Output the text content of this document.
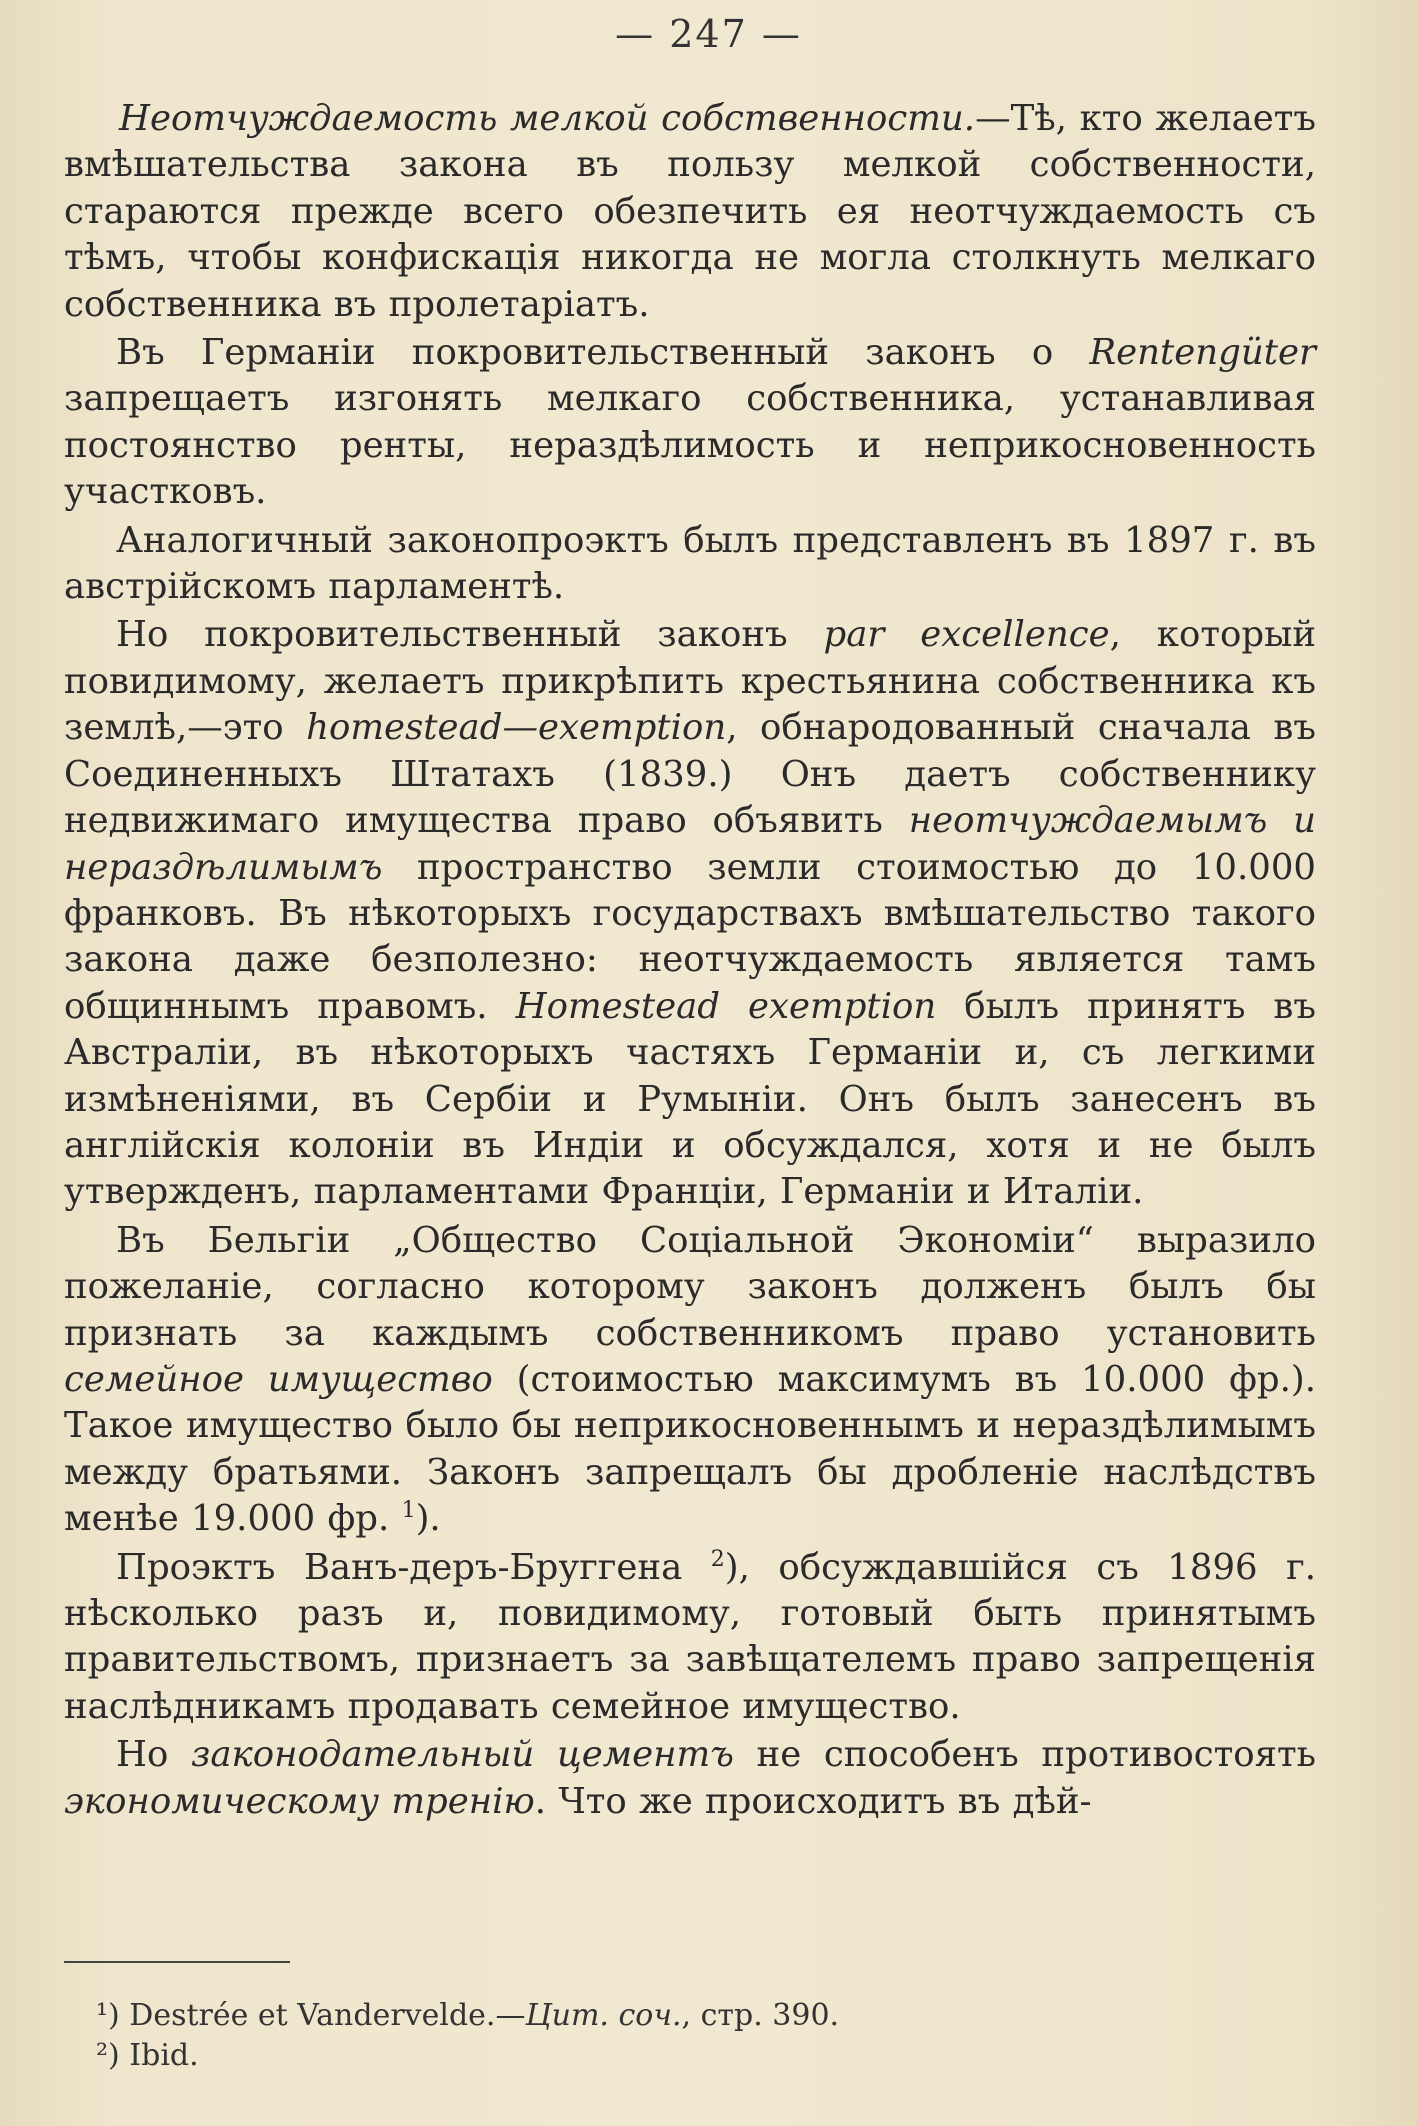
— 247 —

Неотчуждаемость мелкой собственности.—Тѣ, кто желаетъ вмѣшательства закона въ пользу мелкой собственности, стараются прежде всего обезпечить ея неотчуждаемость съ тѣмъ, чтобы конфискація никогда не могла столкнуть мелкаго собственника въ пролетаріатъ.

Въ Германіи покровительственный законъ о Rentengüter запрещаетъ изгонять мелкаго собственника, устанавливая постоянство ренты, нераздѣлимость и неприкосновенность участковъ.

Аналогичный законопроэктъ былъ представленъ въ 1897 г. въ австрійскомъ парламентѣ.

Но покровительственный законъ par excellence, который повидимому, желаетъ прикрѣпить крестьянина собственника къ землѣ,—это homestead—exemption, обнародованный сначала въ Соединенныхъ Штатахъ (1839.) Онъ даетъ собственнику недвижимаго имущества право объявить неотчуждаемымъ и нераздѣлимымъ пространство земли стоимостью до 10.000 франковъ. Въ нѣкоторыхъ государствахъ вмѣшательство такого закона даже безполезно: неотчуждаемость является тамъ общиннымъ правомъ. Homestead exemption былъ принятъ въ Австраліи, въ нѣкоторыхъ частяхъ Германіи и, съ легкими измѣненіями, въ Сербіи и Румыніи. Онъ былъ занесенъ въ англійскія колоніи въ Индіи и обсуждался, хотя и не былъ утвержденъ, парламентами Франціи, Германіи и Италіи.

Въ Бельгіи „Общество Соціальной Экономіи“ выразило пожеланіе, согласно которому законъ долженъ былъ бы признать за каждымъ собственникомъ право установить семейное имущество (стоимостью максимумъ въ 10.000 фр.). Такое имущество было бы неприкосновеннымъ и нераздѣлимымъ между братьями. Законъ запрещалъ бы дробленіе наслѣдствъ менѣе 19.000 фр. $^1$).

Проэктъ Ванъ-деръ-Бруггена $^2$), обсуждавшійся съ 1896 г. нѣсколько разъ и, повидимому, готовый быть принятымъ правительствомъ, признаетъ за завѣщателемъ право запрещенія наслѣдникамъ продавать семейное имущество.

Но законодательный цементъ не способенъ противостоять экономическому тренію. Что же происходитъ въ дѣй-

¹) Destrée et Vandervelde.—Цит. соч., стр. 390.
²) Ibid.
